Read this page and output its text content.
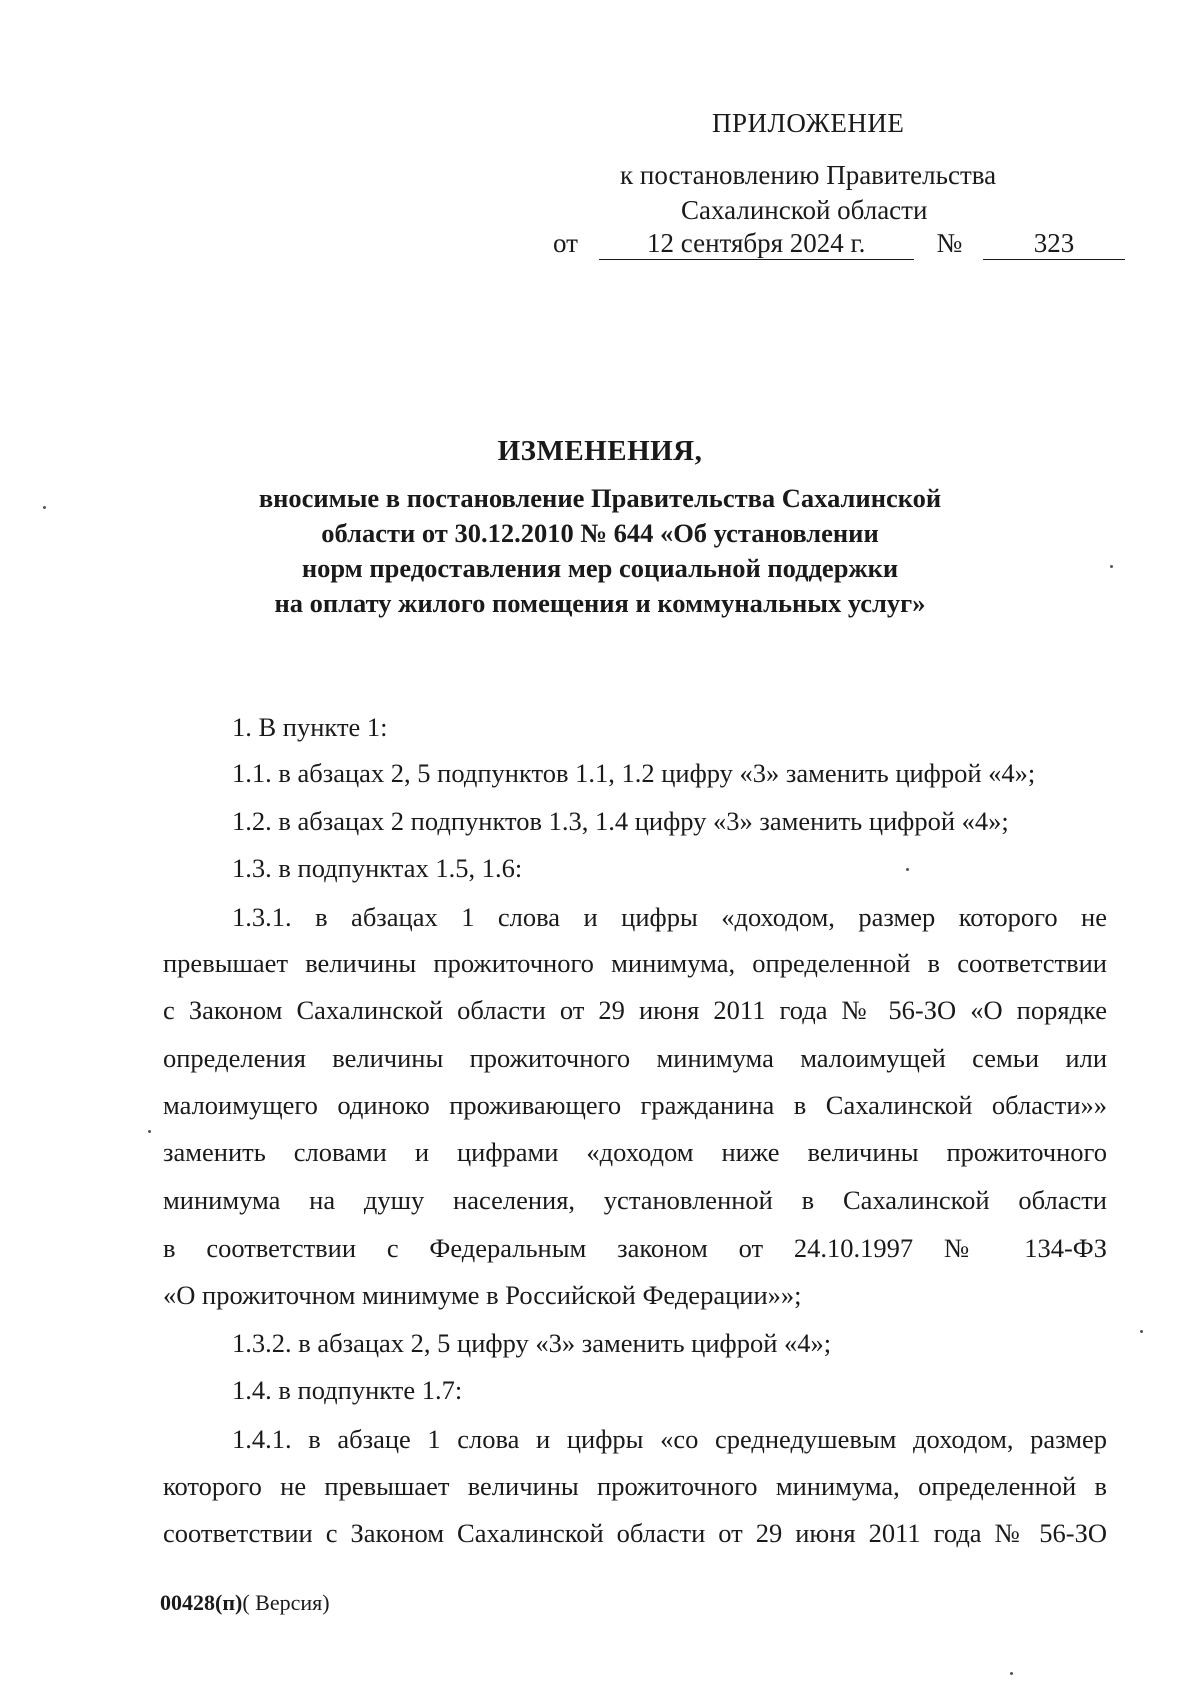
ПРИЛОЖЕНИЕ
к постановлению Правительства
Сахалинской области
от	12 сентября 2024 г.	№	323
ИЗМЕНЕНИЯ,
вносимые в постановление Правительства Сахалинской
области от 30.12.2010 № 644 «Об установлении
норм предоставления мер социальной поддержки
на оплату жилого помещения и коммунальных услуг»
1. В пункте 1:
1.1. в абзацах 2, 5 подпунктов 1.1, 1.2 цифру «3» заменить цифрой «4»;
1.2. в абзацах 2 подпунктов 1.3, 1.4 цифру «3» заменить цифрой «4»;
1.3. в подпунктах 1.5, 1.6:
1.3.1. в абзацах 1 слова и цифры «доходом, размер которого не
превышает величины прожиточного минимума, определенной в соответствии
с Законом Сахалинской области от 29 июня 2011 года № 56-ЗО «О порядке
определения величины прожиточного минимума малоимущей семьи или
малоимущего одиноко проживающего гражданина в Сахалинской области»»
заменить словами и цифрами «доходом ниже величины прожиточного
минимума на душу населения, установленной в Сахалинской области
в соответствии с Федеральным законом от 24.10.1997 № 134-ФЗ
«О прожиточном минимуме в Российской Федерации»»;
1.3.2. в абзацах 2, 5 цифру «3» заменить цифрой «4»;
1.4. в подпункте 1.7:
1.4.1. в абзаце 1 слова и цифры «со среднедушевым доходом, размер
которого не превышает величины прожиточного минимума, определенной в
соответствии с Законом Сахалинской области от 29 июня 2011 года № 56-ЗО
00428(п)( Версия)
